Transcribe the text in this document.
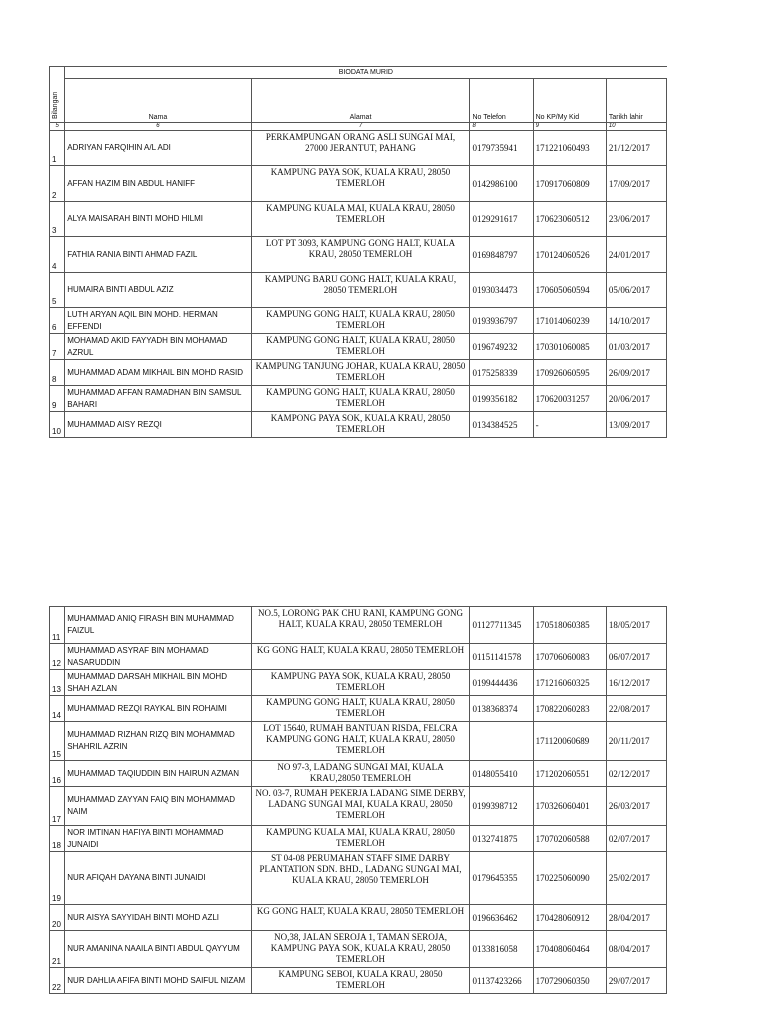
Bilangan	BIODATA MURID				
	Nama	Alamat	No Telefon	No KP/My Kid	Tarikh lahir
5	6	7	8	9	10
1	ADRIYAN FARQIHIN A/L ADI	PERKAMPUNGAN ORANG ASLI SUNGAI MAI, 27000 JERANTUT, PAHANG	0179735941	171221060493	21/12/2017
2	AFFAN HAZIM BIN ABDUL HANIFF	KAMPUNG PAYA SOK, KUALA KRAU, 28050 TEMERLOH	0142986100	170917060809	17/09/2017
3	ALYA MAISARAH BINTI MOHD HILMI	KAMPUNG KUALA MAI, KUALA KRAU, 28050 TEMERLOH	0129291617	170623060512	23/06/2017
4	FATHIA RANIA BINTI AHMAD FAZIL	LOT PT 3093, KAMPUNG GONG HALT, KUALA KRAU, 28050 TEMERLOH	0169848797	170124060526	24/01/2017
5	HUMAIRA BINTI ABDUL AZIZ	KAMPUNG BARU GONG HALT, KUALA KRAU, 28050 TEMERLOH	0193034473	170605060594	05/06/2017
6	LUTH ARYAN AQIL BIN MOHD. HERMAN EFFENDI	KAMPUNG GONG HALT, KUALA KRAU, 28050 TEMERLOH	0193936797	171014060239	14/10/2017
7	MOHAMAD AKID FAYYADH BIN MOHAMAD AZRUL	KAMPUNG GONG HALT, KUALA KRAU, 28050 TEMERLOH	0196749232	170301060085	01/03/2017
8	MUHAMMAD ADAM MIKHAIL BIN MOHD RASID	KAMPUNG TANJUNG JOHAR, KUALA KRAU, 28050 TEMERLOH	0175258339	170926060595	26/09/2017
9	MUHAMMAD AFFAN RAMADHAN BIN SAMSUL BAHARI	KAMPUNG GONG HALT, KUALA KRAU, 28050 TEMERLOH	0199356182	170620031257	20/06/2017
10	MUHAMMAD AISY REZQI	KAMPONG PAYA SOK, KUALA KRAU, 28050 TEMERLOH	0134384525	-	13/09/2017
11	MUHAMMAD ANIQ FIRASH BIN MUHAMMAD FAIZUL	NO.5, LORONG PAK CHU RANI, KAMPUNG GONG HALT, KUALA KRAU, 28050 TEMERLOH	01127711345	170518060385	18/05/2017
12	MUHAMMAD ASYRAF BIN MOHAMAD NASARUDDIN	KG GONG HALT, KUALA KRAU, 28050 TEMERLOH	01151141578	170706060083	06/07/2017
13	MUHAMMAD DARSAH MIKHAIL BIN MOHD SHAH AZLAN	KAMPUNG PAYA SOK, KUALA KRAU, 28050 TEMERLOH	0199444436	171216060325	16/12/2017
14	MUHAMMAD REZQI RAYKAL BIN ROHAIMI	KAMPUNG GONG HALT, KUALA KRAU, 28050 TEMERLOH	0138368374	170822060283	22/08/2017
15	MUHAMMAD RIZHAN RIZQ BIN MOHAMMAD SHAHRIL AZRIN	LOT 15640, RUMAH BANTUAN RISDA, FELCRA KAMPUNG GONG HALT, KUALA KRAU, 28050 TEMERLOH		171120060689	20/11/2017
16	MUHAMMAD TAQIUDDIN BIN HAIRUN AZMAN	NO 97-3, LADANG SUNGAI MAI, KUALA KRAU,28050 TEMERLOH	0148055410	171202060551	02/12/2017
17	MUHAMMAD ZAYYAN FAIQ BIN MOHAMMAD NAIM	NO. 03-7, RUMAH PEKERJA LADANG SIME DERBY, LADANG SUNGAI MAI, KUALA KRAU, 28050 TEMERLOH	0199398712	170326060401	26/03/2017
18	NOR IMTINAN HAFIYA BINTI MOHAMMAD JUNAIDI	KAMPUNG KUALA MAI, KUALA KRAU, 28050 TEMERLOH	0132741875	170702060588	02/07/2017
19	NUR AFIQAH DAYANA BINTI JUNAIDI	ST 04-08 PERUMAHAN STAFF SIME DARBY PLANTATION SDN. BHD., LADANG SUNGAI MAI, KUALA KRAU, 28050 TEMERLOH	0179645355	170225060090	25/02/2017
20	NUR AISYA SAYYIDAH BINTI MOHD AZLI	KG GONG HALT, KUALA KRAU, 28050 TEMERLOH	0196636462	170428060912	28/04/2017
21	NUR AMANINA NAAILA BINTI ABDUL QAYYUM	NO,38, JALAN SEROJA 1, TAMAN SEROJA, KAMPUNG PAYA SOK, KUALA KRAU, 28050 TEMERLOH	0133816058	170408060464	08/04/2017
22	NUR DAHLIA AFIFA BINTI MOHD SAIFUL NIZAM	KAMPUNG SEBOI, KUALA KRAU, 28050 TEMERLOH	01137423266	170729060350	29/07/2017
